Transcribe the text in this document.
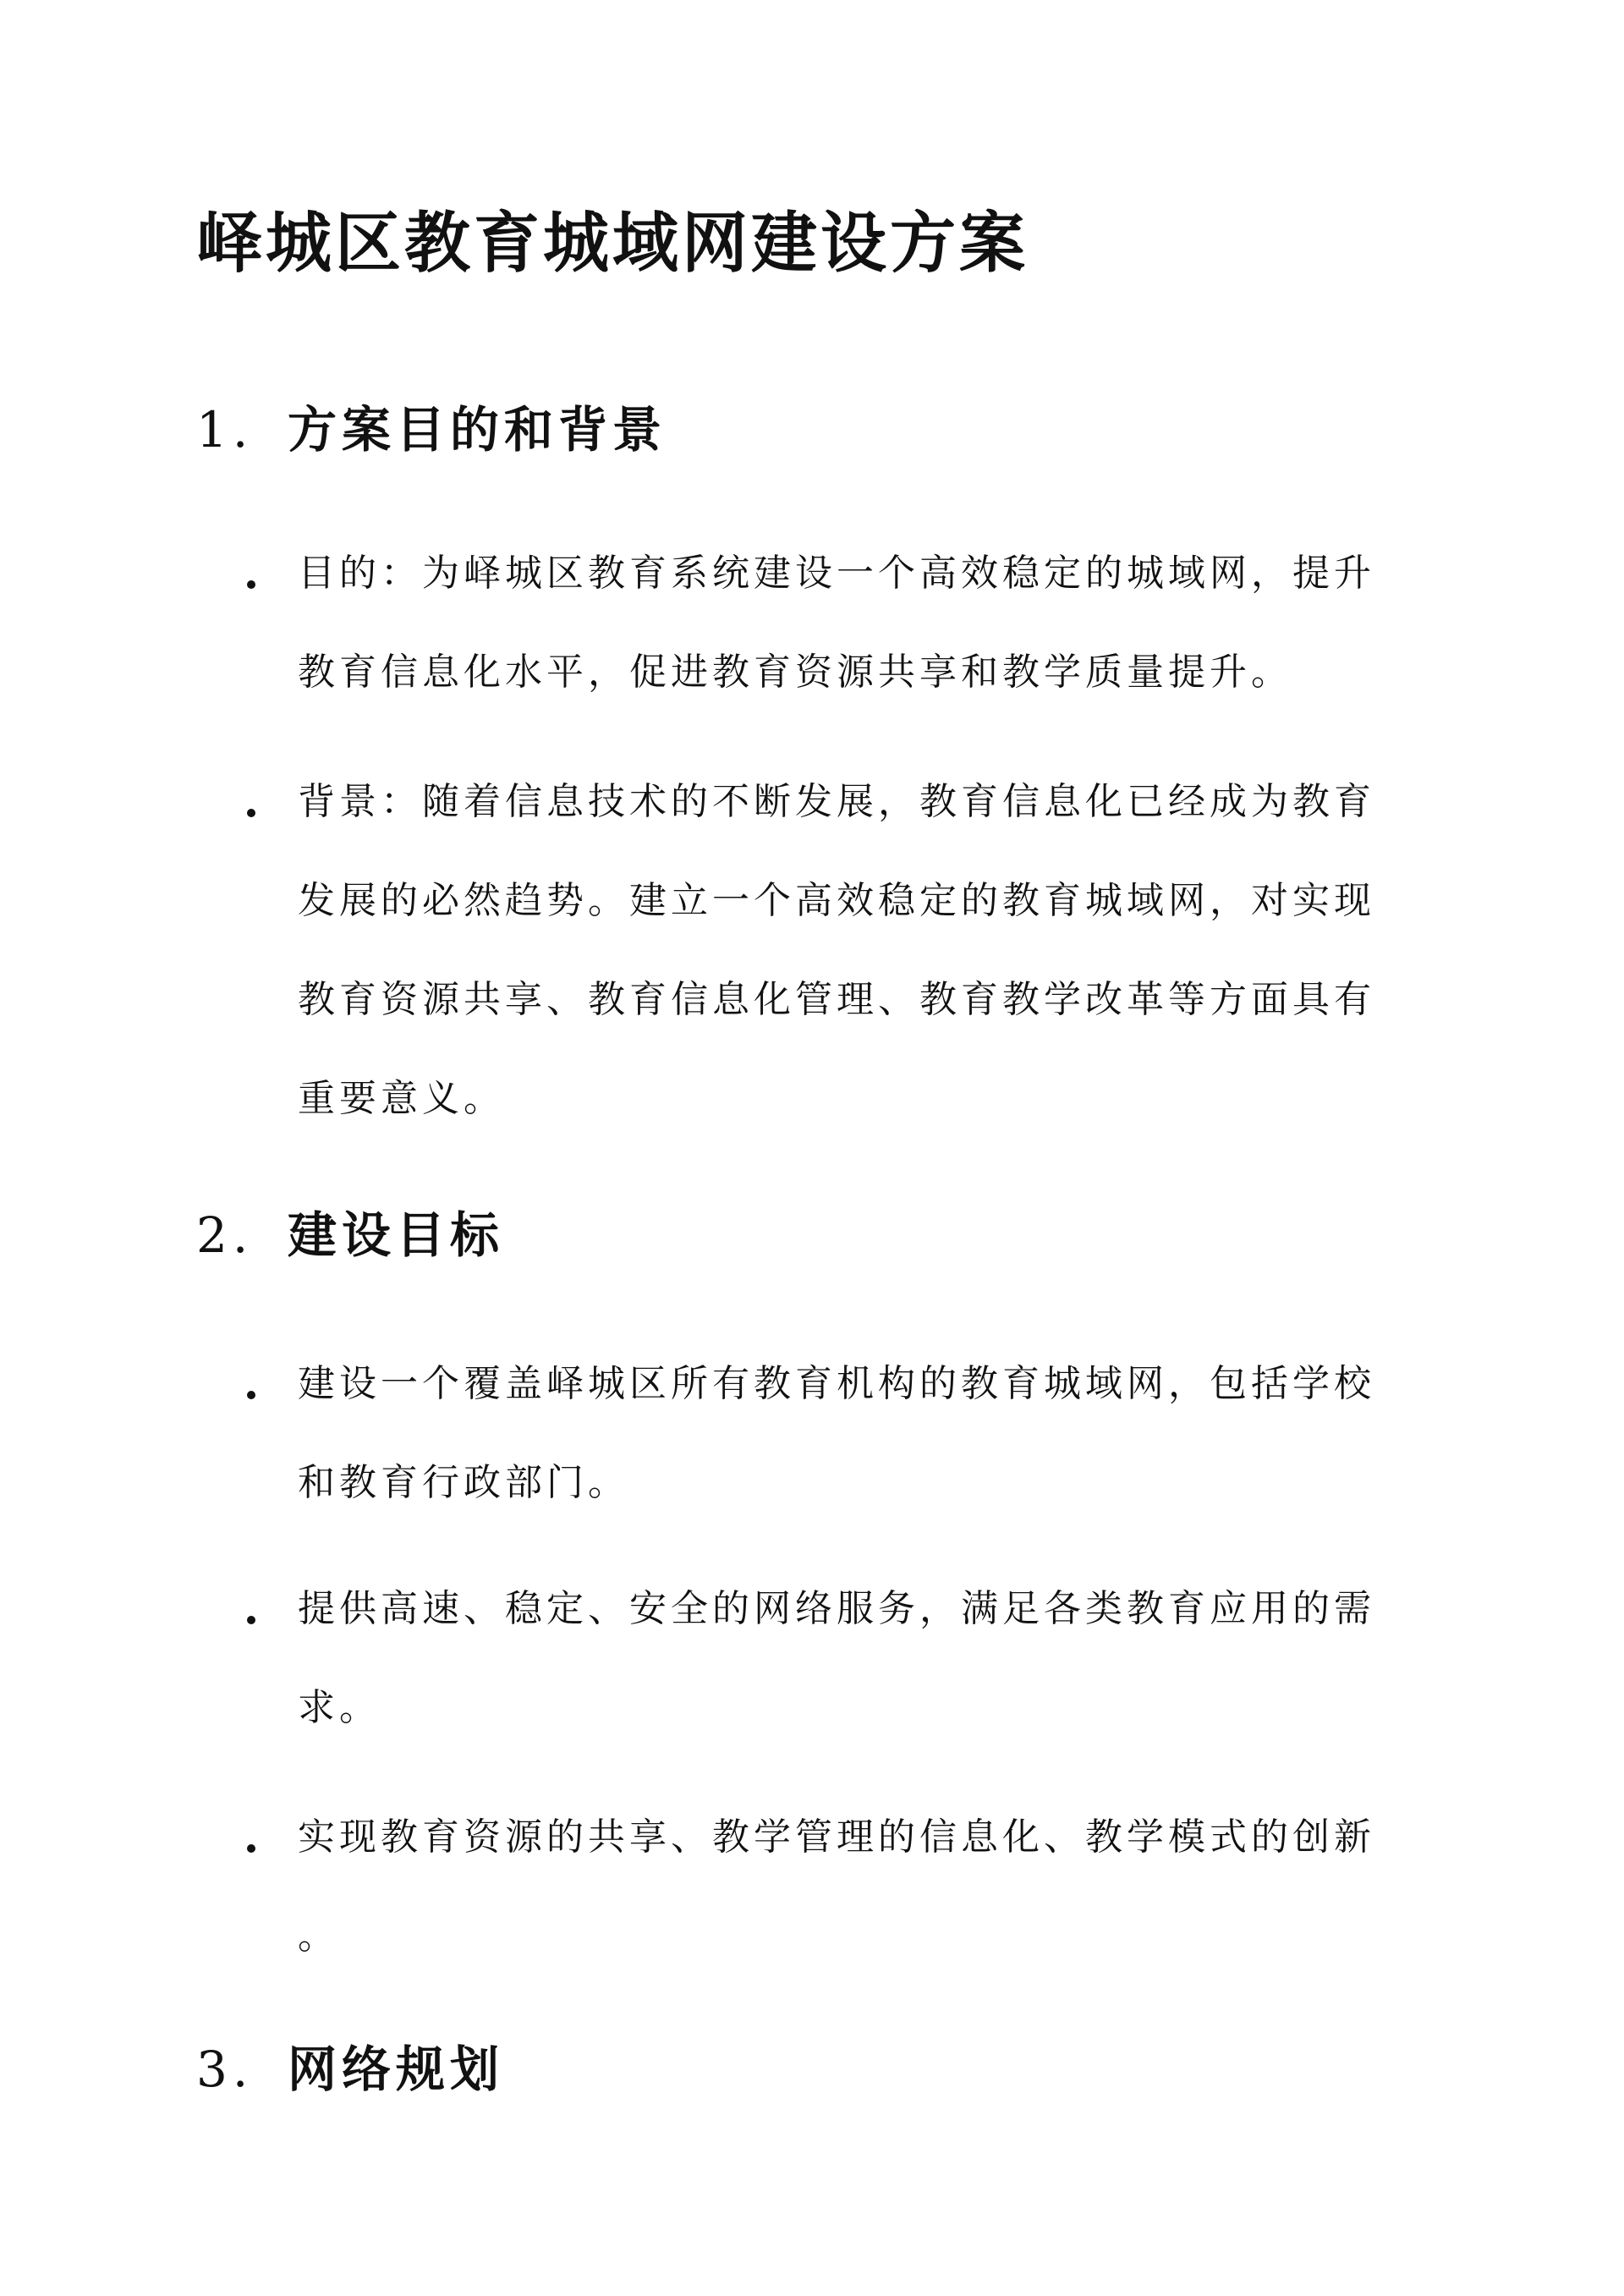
峄城区教育城域网建设方案
1. 方案目的和背景
目的：为峄城区教育系统建设一个高效稳定的城域网，提升
教育信息化水平，促进教育资源共享和教学质量提升。
背景：随着信息技术的不断发展，教育信息化已经成为教育
发展的必然趋势。建立一个高效稳定的教育城域网，对实现
教育资源共享、教育信息化管理、教育教学改革等方面具有
重要意义。
2. 建设目标
建设一个覆盖峄城区所有教育机构的教育城域网，包括学校
和教育行政部门。
提供高速、稳定、安全的网络服务，满足各类教育应用的需
求。
实现教育资源的共享、教学管理的信息化、教学模式的创新
。
3. 网络规划
